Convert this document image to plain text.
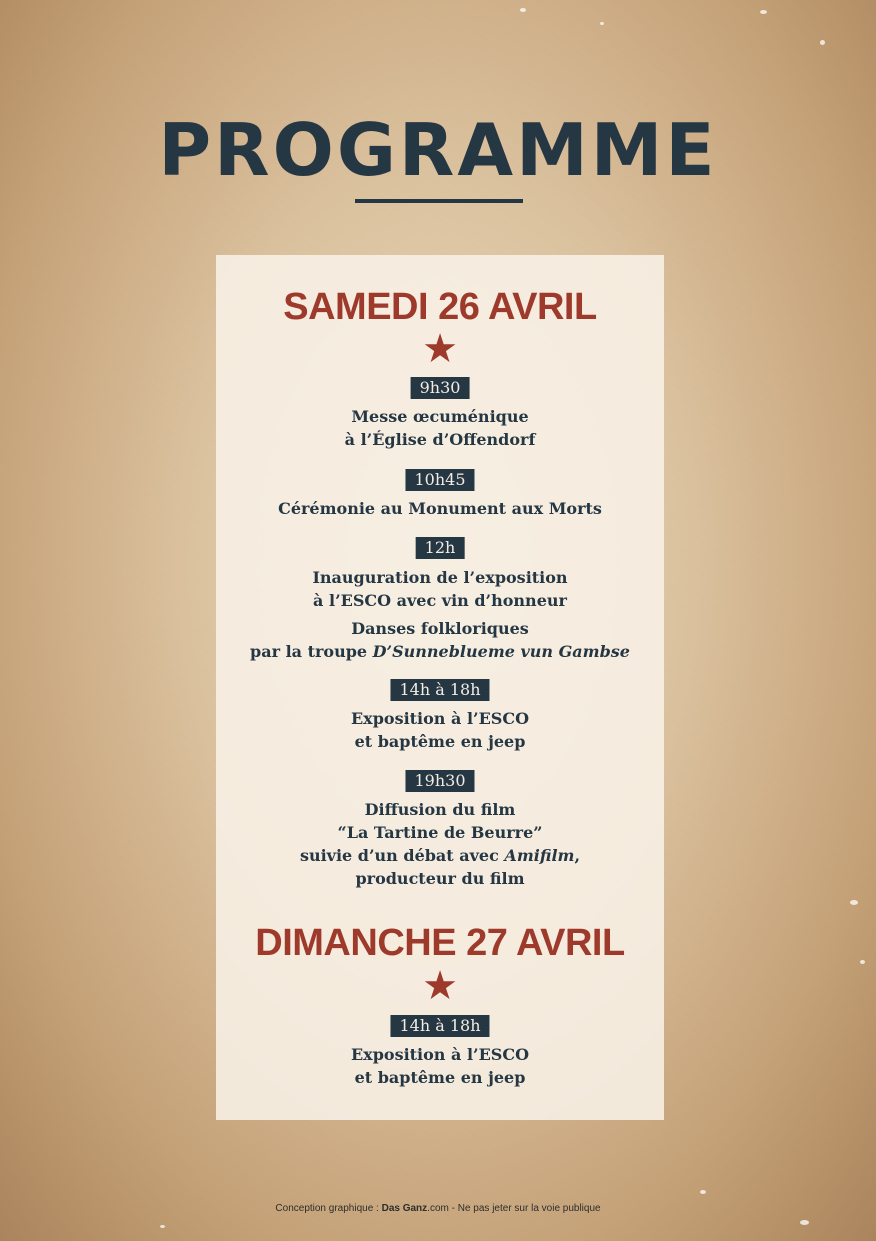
PROGRAMME
SAMEDI 26 AVRIL
★
9h30
Messe œcuménique
à l’Église d’Offendorf
10h45
Cérémonie au Monument aux Morts
12h
Inauguration de l’exposition
à l’ESCO avec vin d’honneur
Danses folkloriques
par la troupe D’Sunneblueme vun Gambse
14h à 18h
Exposition à l’ESCO
et baptême en jeep
19h30
Diffusion du film
“La Tartine de Beurre”
suivie d’un débat avec Amifilm,
producteur du film
DIMANCHE 27 AVRIL
★
14h à 18h
Exposition à l’ESCO
et baptême en jeep
Conception graphique : Das Ganz.com - Ne pas jeter sur la voie publique
